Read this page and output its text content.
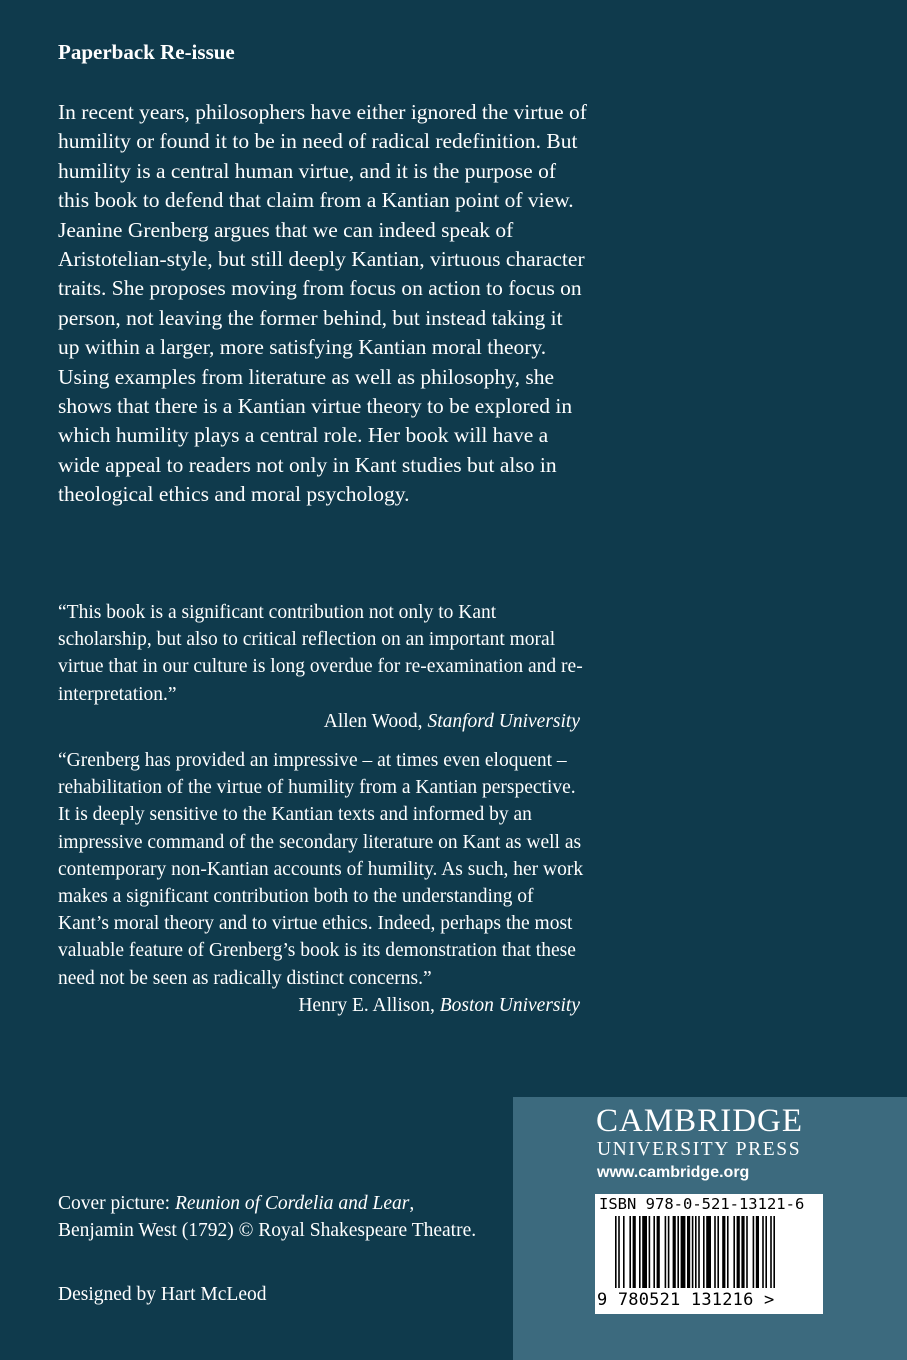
Paperback Re-issue

In recent years, philosophers have either ignored the virtue of humility or found it to be in need of radical redefinition. But humility is a central human virtue, and it is the purpose of this book to defend that claim from a Kantian point of view. Jeanine Grenberg argues that we can indeed speak of Aristotelian-style, but still deeply Kantian, virtuous character traits. She proposes moving from focus on action to focus on person, not leaving the former behind, but instead taking it up within a larger, more satisfying Kantian moral theory. Using examples from literature as well as philosophy, she shows that there is a Kantian virtue theory to be explored in which humility plays a central role. Her book will have a wide appeal to readers not only in Kant studies but also in theological ethics and moral psychology.

“This book is a significant contribution not only to Kant scholarship, but also to critical reflection on an important moral virtue that in our culture is long overdue for re-examination and re-interpretation.”
Allen Wood, Stanford University
“Grenberg has provided an impressive – at times even eloquent – rehabilitation of the virtue of humility from a Kantian perspective. It is deeply sensitive to the Kantian texts and informed by an impressive command of the secondary literature on Kant as well as contemporary non-Kantian accounts of humility. As such, her work makes a significant contribution both to the understanding of Kant’s moral theory and to virtue ethics. Indeed, perhaps the most valuable feature of Grenberg’s book is its demonstration that these need not be seen as radically distinct concerns.”
Henry E. Allison, Boston University

Cover picture: Reunion of Cordelia and Lear, Benjamin West (1792) © Royal Shakespeare Theatre.

Designed by Hart McLeod

CAMBRIDGE
UNIVERSITY PRESS
www.cambridge.org
ISBN 978-0-521-13121-6
9 780521 131216 >
